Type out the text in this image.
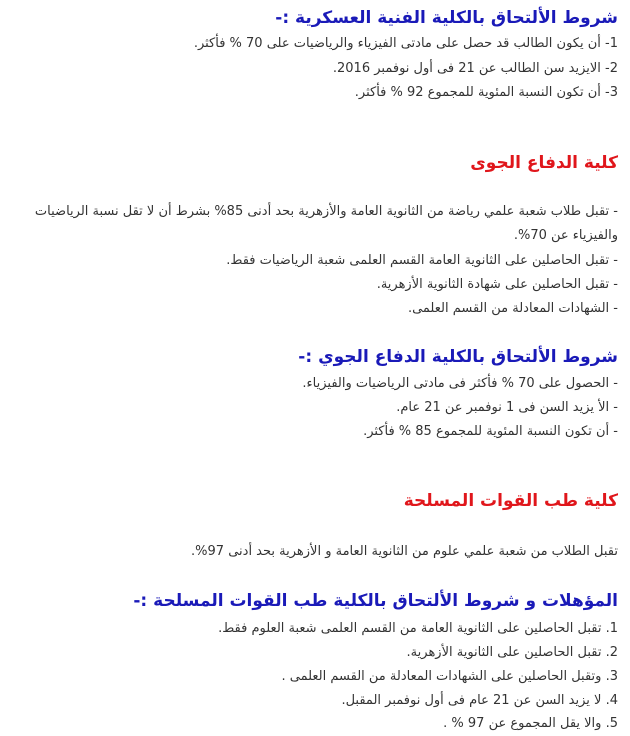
شروط الألتحاق بالكلية الفنية العسكرية :-

1- أن يكون الطالب قد حصل على مادتى الفيزياء والرياضيات على 70 % فأكثر.

2- الايزيد سن الطالب عن 21 فى أول نوفمبر 2016.

3- أن تكون النسبة المئوية للمجموع 92 % فأكثر.

كلية الدفاع الجوى

- تقبل طلاب شعبة علمي رياضة من الثانوية العامة والأزهرية بحد أدنى 85% بشرط أن لا تقل نسبة الرياضيات والفيزياء عن 70%.

- تقبل الحاصلين على الثانوية العامة القسم العلمى شعبة الرياضيات فقط.

- تقبل الحاصلين على شهادة الثانوية الأزهرية.

- الشهادات المعادلة من القسم العلمى.

شروط الألتحاق بالكلية الدفاع الجوي :-

- الحصول على 70 % فأكثر فى مادتى الرياضيات والفيزياء.

- الأ يزيد السن فى 1 نوفمبر عن 21 عام.

- أن تكون النسبة المئوية للمجموع 85 % فأكثر.

كلية طب القوات المسلحة

تقبل الطلاب من شعبة علمي علوم من الثانوية العامة و الأزهرية بحد أدنى 97%.

المؤهلات و شروط الألتحاق بالكلية طب القوات المسلحة :-

1. تقبل الحاصلين على الثانوية العامة من القسم العلمى شعبة العلوم فقط.

2. تقبل الحاصلين على الثانوية الأزهرية.

3. وتقبل الحاصلين على الشهادات المعادلة من القسم العلمى .

4. لا يزيد السن عن 21 عام فى أول نوفمبر المقبل.

5. والا يقل المجموع عن 97 % .
